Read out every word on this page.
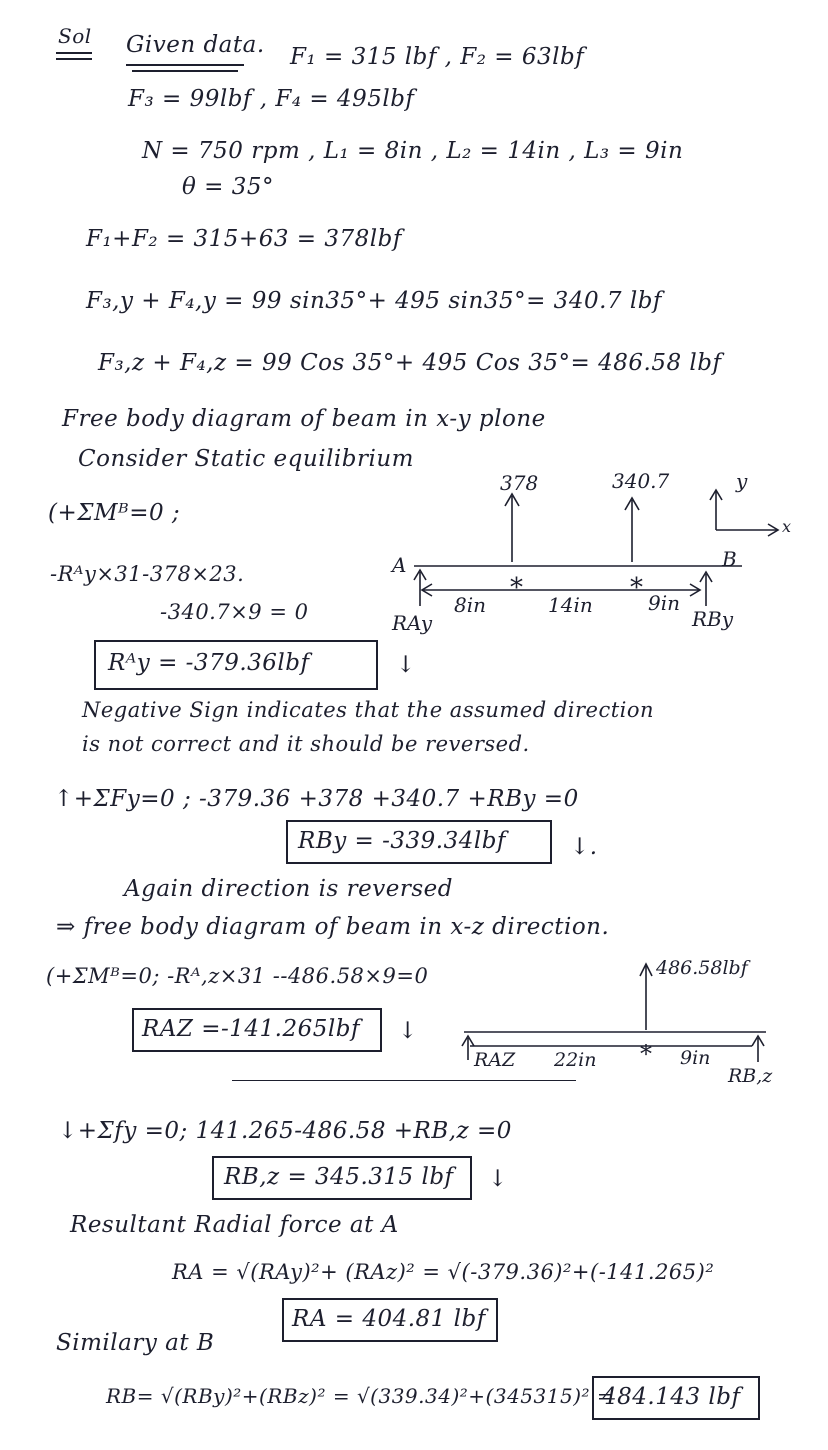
Sol Given data. F₁ = 315 lbf , F₂ = 63lbf
F₃ = 99lbf , F₄ = 495lbf
N = 750 rpm , L₁ = 8in , L₂ = 14in , L₃ = 9in
θ = 35°
F₁+F₂ = 315+63 = 378lbf
F₃,y + F₄,y = 99 sin35°+ 495 sin35°= 340.7 lbf
F₃,z + F₄,z = 99 Cos 35°+ 495 Cos 35°= 486.58 lbf
Free body diagram of beam in x-y plone
Consider Static equilibrium
(+ΣMᴮ=0 ;
-Rᴬy×31-378×23.
-340.7×9 = 0
Rᴬy = -379.36lbf	↓
Negative Sign indicates that the assumed direction
is not correct and it should be reversed.
↑+ΣFy=0 ; -379.36 +378 +340.7 +RBy =0
RBy = -339.34lbf	↓.
Again direction is reversed
⇒ free body diagram of beam in x-z direction.
(+ΣMᴮ=0; -Rᴬ,z×31 --486.58×9=0
RAZ =-141.265lbf ↓
↓+Σfy =0; 141.265-486.58 +RB,z =0
RB,z = 345.315 lbf ↓
Resultant Radial force at A
RA = √(RAy)²+ (RAz)² = √(-379.36)²+(-141.265)²
RA = 404.81 lbf
Similary at B
RB= √(RBy)²+(RBz)² = √(339.34)²+(345315)² =
484.143 lbf
378	340.7
A	B
*	*
8in	14in	9in
RAy	RBy
y
x
486.58lbf
RAZ 22in * 9in
RB,z
